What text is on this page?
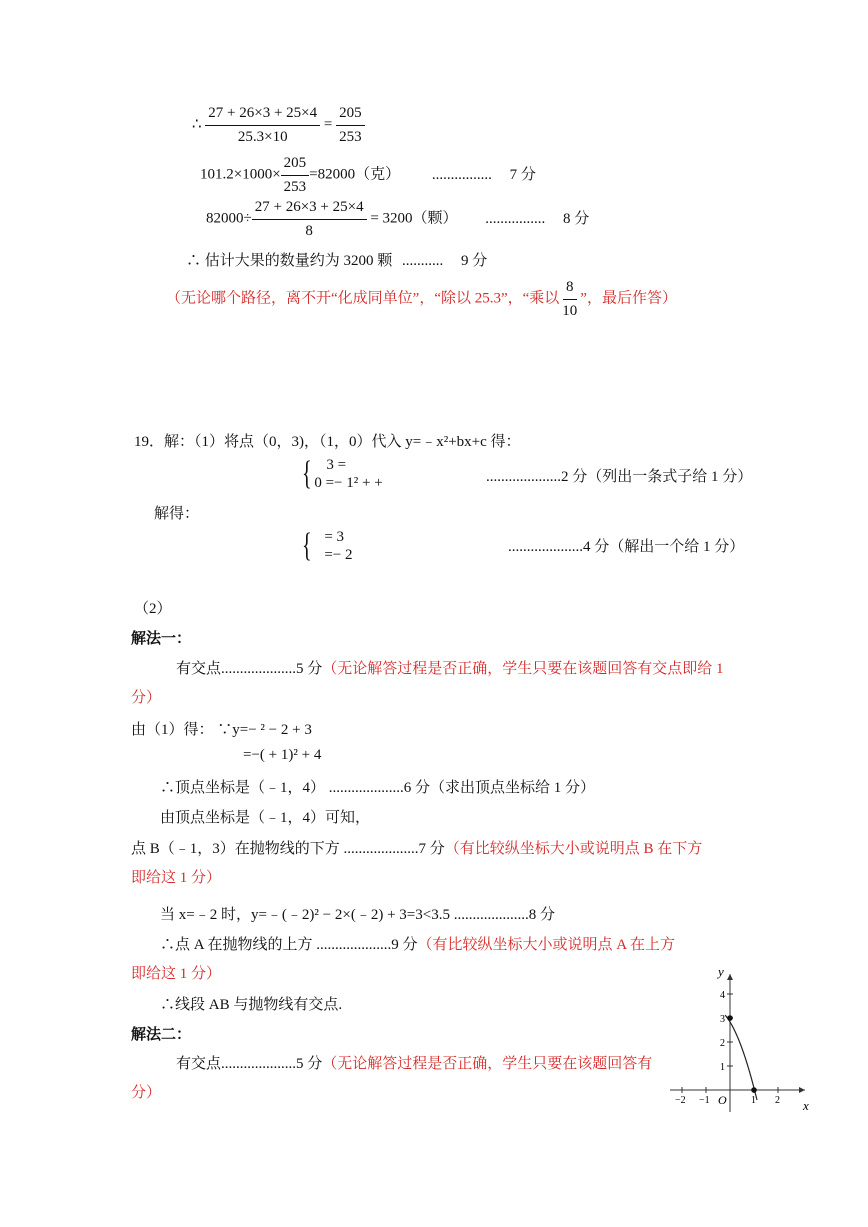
∴ $\frac{27 + 26\times 3 + 25\times 4}{25.3\times 10} = \frac{205}{253}$
$101.2\times 1000\times \frac{205}{253} =82000$（克） ................ 7 分
$82000\div \frac{27 + 26\times 3 + 25\times 4}{8} = 3200$（颗） ................ 8 分
∴ 估计大果的数量约为 3200 颗 ........... 9 分
（无论哪个路径，离不开“化成同单位”，“除以 25.3”，“乘以 $\frac{8}{10}$ ”，最后作答）
19．解：（1）将点（0，3)，（1，0）代入 y=﹣x²+bx+c 得：
{ 3 =
0 =− 1² + +	....................2 分（列出一条式子给 1 分）
解得：
{ = 3
=− 2	....................4 分（解出一个给 1 分）
（2）
解法一：
有交点....................5 分（无论解答过程是否正确，学生只要在该题回答有交点即给 1
分）
由（1）得： ∵y=− ² − 2 + 3
=−( + 1)² + 4
∴顶点坐标是（﹣1，4） ....................6 分（求出顶点坐标给 1 分）
由顶点坐标是（﹣1，4）可知，
点 B（﹣1，3）在抛物线的下方 ....................7 分（有比较纵坐标大小或说明点 B 在下方
即给这 1 分）
当 x=﹣2 时，y=﹣(﹣2)² − 2×(﹣2) + 3=3<3.5 ....................8 分
∴点 A 在抛物线的上方 ....................9 分（有比较纵坐标大小或说明点 A 在上方
即给这 1 分）
∴线段 AB 与抛物线有交点.
解法二：
有交点....................5 分（无论解答过程是否正确，学生只要在该题回答有
分）
y
x
O
1
2
3
4
−2 −1	1 2
